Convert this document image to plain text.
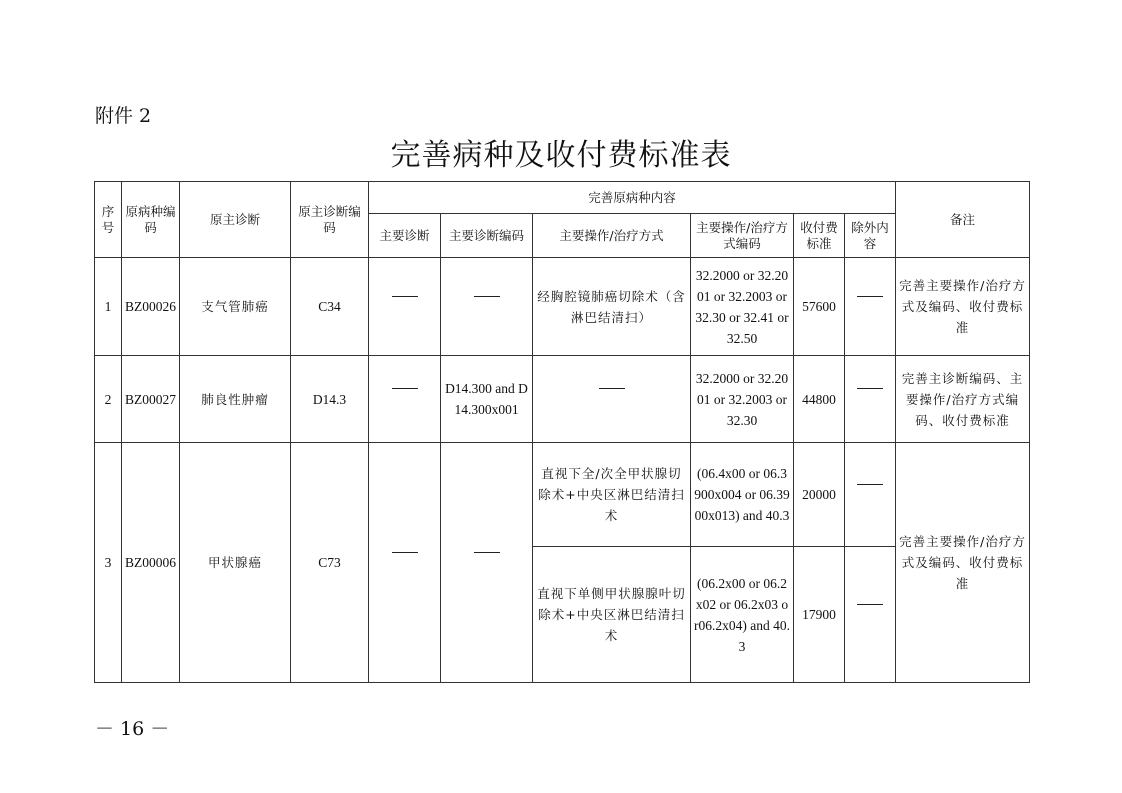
附件 2
完善病种及收付费标准表
序号	原病种编码	原主诊断	原主诊断编码	完善原病种内容						备注
				主要诊断	主要诊断编码	主要操作/治疗方式	主要操作/治疗方式编码	收付费标准	除外内容	
1	BZ00026	支气管肺癌	C34			经胸腔镜肺癌切除术（含淋巴结清扫）	32.2000 or 32.2001 or 32.2003 or 32.30 or 32.41 or 32.50	57600		完善主要操作/治疗方式及编码、收付费标准
2	BZ00027	肺良性肿瘤	D14.3		D14.300 and D14.300x001		32.2000 or 32.2001 or 32.2003 or 32.30	44800		完善主诊断编码、主要操作/治疗方式编码、收付费标准
3	BZ00006	甲状腺癌	C73			直视下全/次全甲状腺切除术+中央区淋巴结清扫术	(06.4x00 or 06.3900x004 or 06.3900x013) and 40.3	20000		完善主要操作/治疗方式及编码、收付费标准
						直视下单侧甲状腺腺叶切除术+中央区淋巴结清扫术	(06.2x00 or 06.2x02 or 06.2x03 or06.2x04) and 40.3	17900	
－ 16 －
